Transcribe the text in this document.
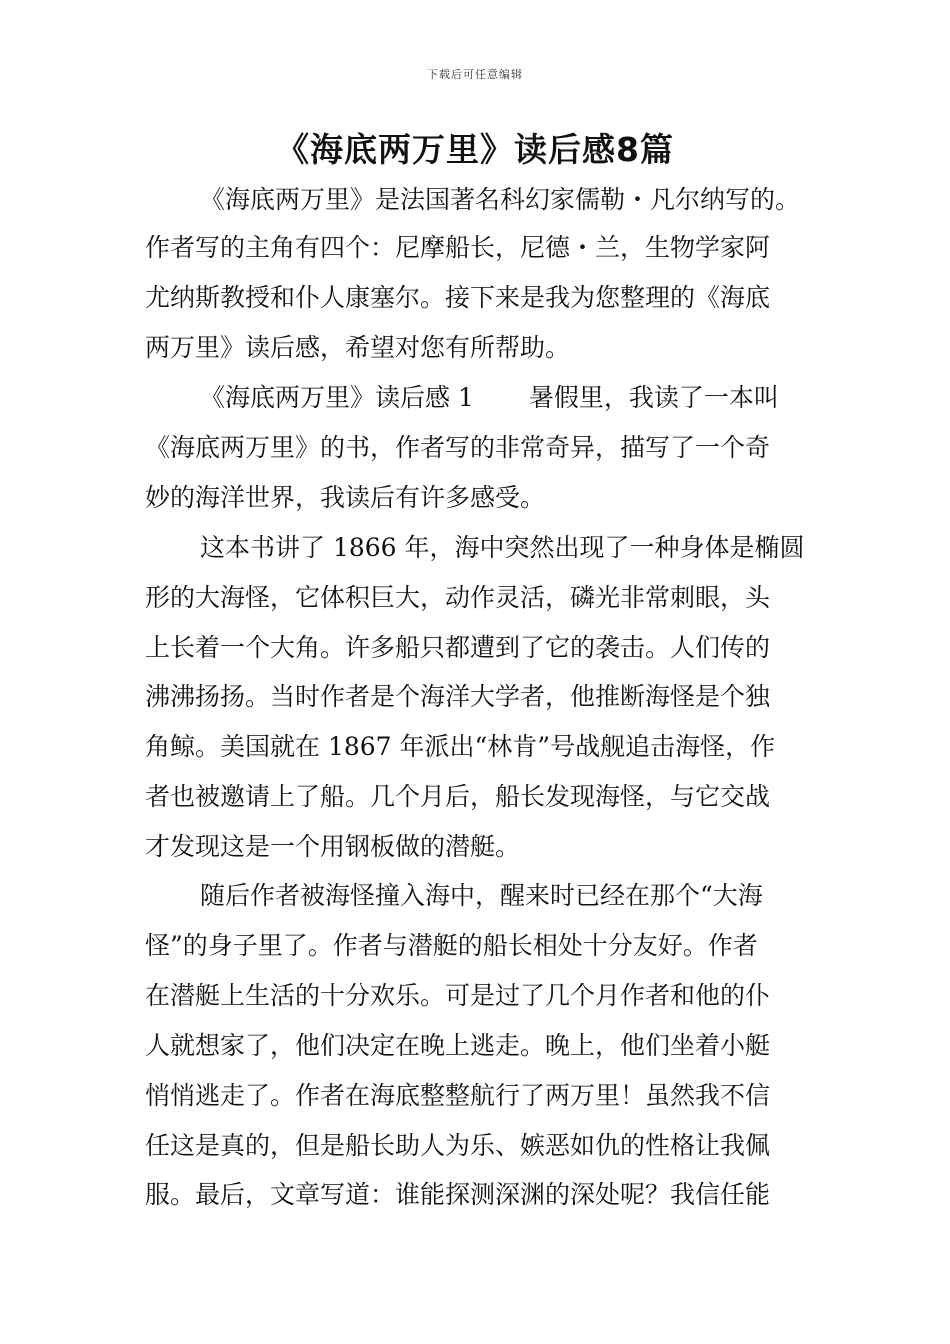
下载后可任意编辑
《海底两万里》读后感8篇
《海底两万里》是法国著名科幻家儒勒・凡尔纳写的。
作者写的主角有四个：尼摩船长，尼德・兰，生物学家阿
尤纳斯教授和仆人康塞尔。接下来是我为您整理的《海底
两万里》读后感，希望对您有所帮助。
《海底两万里》读后感 1 暑假里，我读了一本叫
《海底两万里》的书，作者写的非常奇异，描写了一个奇
妙的海洋世界，我读后有许多感受。
这本书讲了 1866 年，海中突然出现了一种身体是椭圆
形的大海怪，它体积巨大，动作灵活，磷光非常刺眼，头
上长着一个大角。许多船只都遭到了它的袭击。人们传的
沸沸扬扬。当时作者是个海洋大学者，他推断海怪是个独
角鲸。美国就在 1867 年派出“林肯”号战舰追击海怪，作
者也被邀请上了船。几个月后，船长发现海怪，与它交战
才发现这是一个用钢板做的潜艇。
随后作者被海怪撞入海中，醒来时已经在那个“大海
怪”的身子里了。作者与潜艇的船长相处十分友好。作者
在潜艇上生活的十分欢乐。可是过了几个月作者和他的仆
人就想家了，他们决定在晚上逃走。晚上，他们坐着小艇
悄悄逃走了。作者在海底整整航行了两万里！虽然我不信
任这是真的，但是船长助人为乐、嫉恶如仇的性格让我佩
服。最后，文章写道：谁能探测深渊的深处呢？我信任能
